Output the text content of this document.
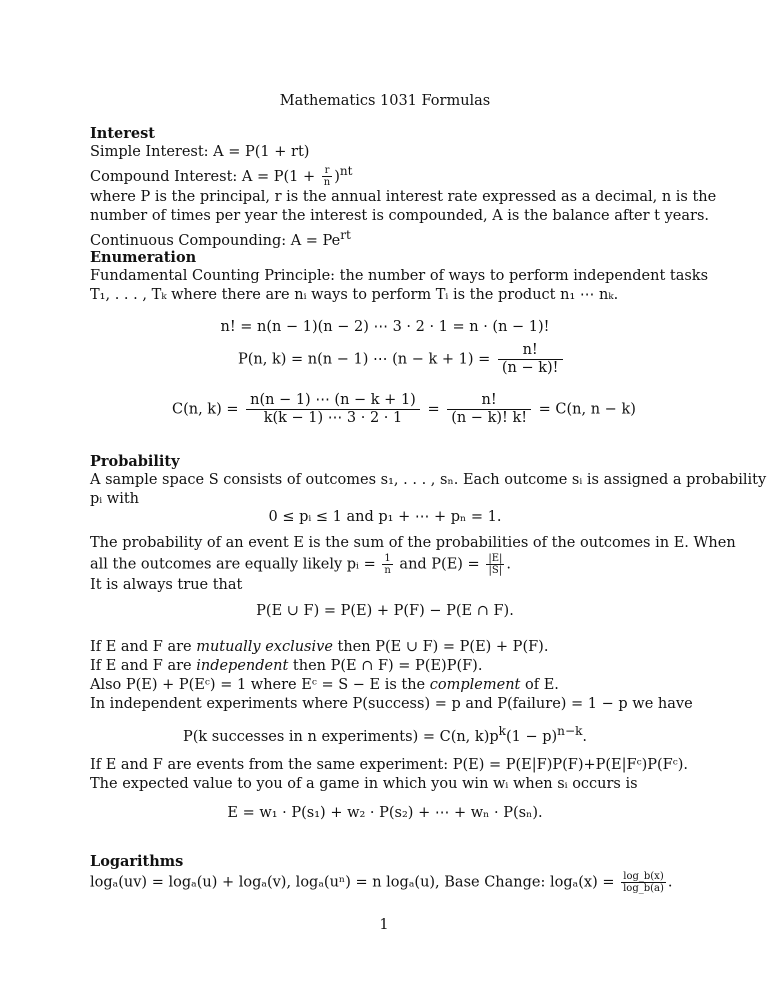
Mathematics 1031 Formulas
Interest
Simple Interest: A = P(1 + rt)
Compound Interest: $A = P(1 + \frac{r}{n} )^{nt}$
where P is the principal, r is the annual interest rate expressed as a decimal, n is the
number of times per year the interest is compounded, A is the balance after t years.
Continuous Compounding: $A = Pe^{rt}$
Enumeration
Fundamental Counting Principle: the number of ways to perform independent tasks
T₁, . . . , Tₖ where there are nᵢ ways to perform Tᵢ is the product n₁ ⋯ nₖ.
n! = n(n − 1)(n − 2) ⋯ 3 · 2 · 1 = n · (n − 1)!
P(n, k) = n(n − 1) ⋯ $(n - k + 1) = \frac{n!}{(n - k)!}$
C(n, $k) = \frac{n(n - 1) \cdots (n - k + 1)}{k(k - 1) \cdots 3 \cdot 2 \cdot 1} = \frac{n!}{(n - k)! k!} = C(n$, n − k)
Probability
A sample space S consists of outcomes s₁, . . . , sₙ. Each outcome sᵢ is assigned a probability
pᵢ with
0 ≤ pᵢ ≤ 1 and p₁ + ⋯ + pₙ = 1.
The probability of an event E is the sum of the probabilities of the outcomes in E. When
all the outcomes are equally likely pᵢ = $\frac{1}{n}$ and $P(E) = \frac{|E|}{|S|}$ .
It is always true that
P(E ∪ F) = P(E) + P(F) − P(E ∩ F).
If E and F are mutually exclusive then P(E ∪ F) = P(E) + P(F).
If E and F are independent then P(E ∩ F) = P(E)P(F).
Also P(E) + P(Eᶜ) = 1 where Eᶜ = S − E is the complement of E.
In independent experiments where P(success) = p and P(failure) = 1 − p we have
P(k successes in n experiments) = C(n, $k)p^k(1 - p)^{n-k}$.
If E and F are events from the same experiment: P(E) = P(E|F)P(F)+P(E|Fᶜ)P(Fᶜ).
The expected value to you of a game in which you win wᵢ when sᵢ occurs is
E = w₁ · P(s₁) + w₂ · P(s₂) + ⋯ + wₙ · P(sₙ).
Logarithms
logₐ(uv) = logₐ(u) + logₐ(v), logₐ(uⁿ) = n logₐ(u), Base Change: $\log_a(x) = \frac{\log\_b(x)}{\log\_b(a)}$ .
1
